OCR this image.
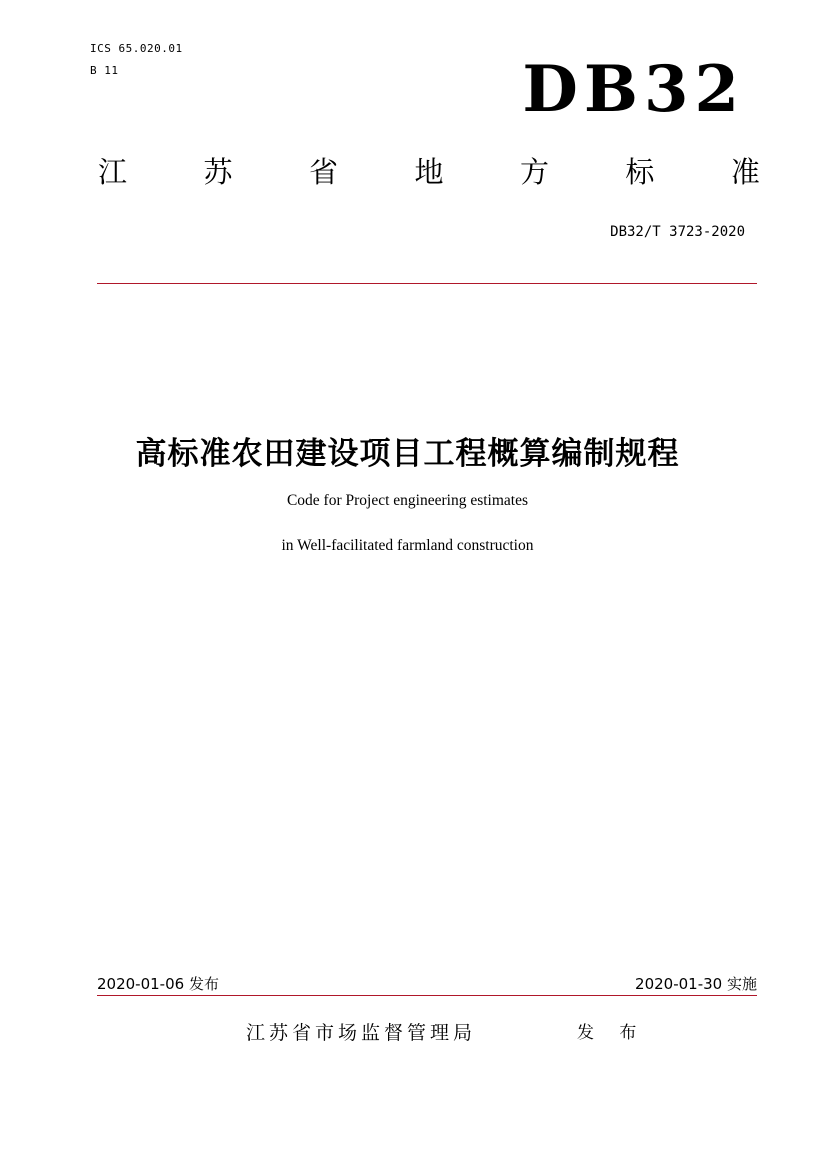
ICS 65.020.01
B 11	DB32
江	苏	省	地	方	标	准
DB32/T 3723-2020
高标准农田建设项目工程概算编制规程
Code for Project engineering estimates
in Well-facilitated farmland construction
2020-01-06 发布	2020-01-30 实施
江苏省市场监督管理局	发 布
